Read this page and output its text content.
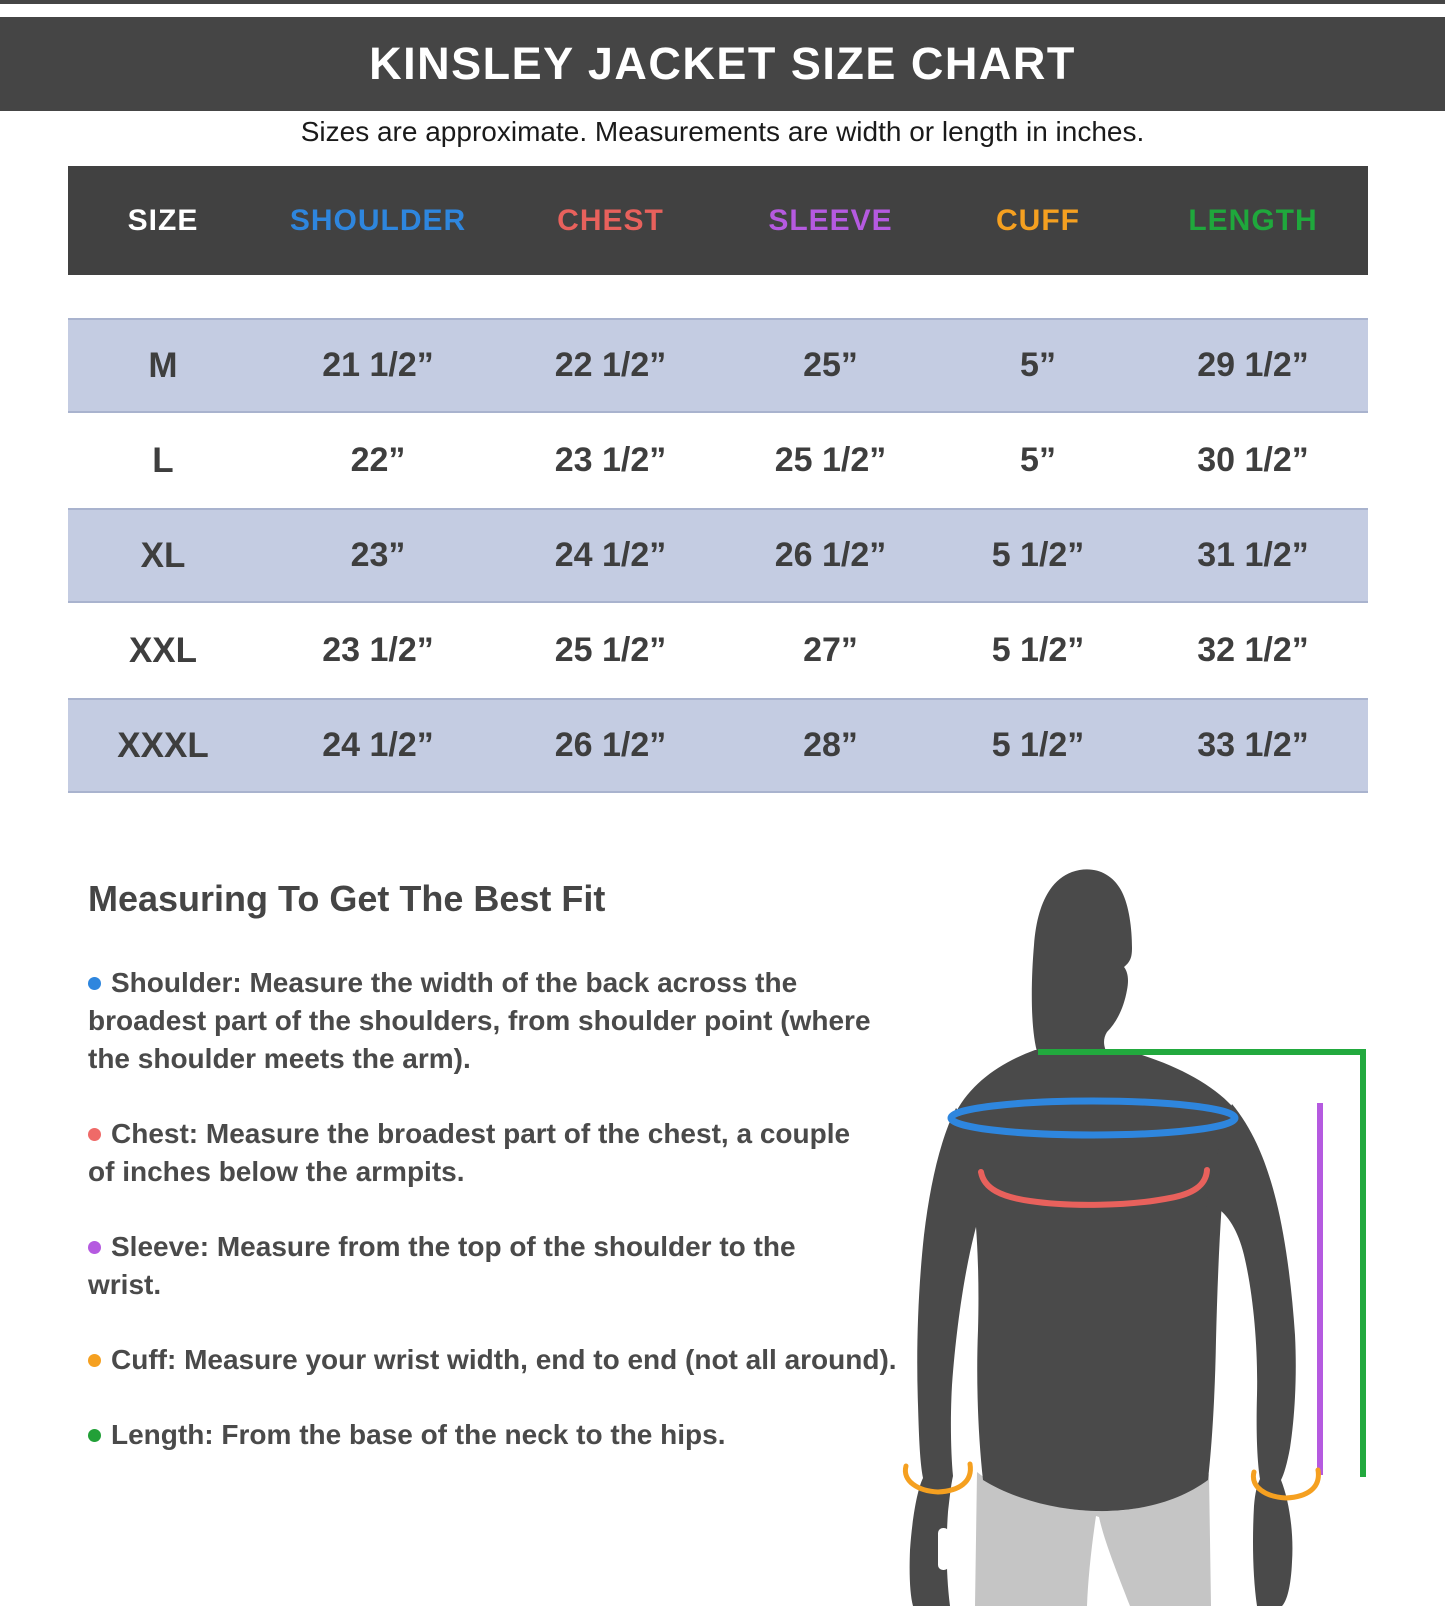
KINSLEY JACKET SIZE CHART
Sizes are approximate. Measurements are width or length in inches.
SIZE	SHOULDER	CHEST	SLEEVE	CUFF	LENGTH
M	21 1/2”	22 1/2”	25”	5”	29 1/2”
L	22”	23 1/2”	25 1/2”	5”	30 1/2”
XL	23”	24 1/2”	26 1/2”	5 1/2”	31 1/2”
XXL	23 1/2”	25 1/2”	27”	5 1/2”	32 1/2”
XXXL	24 1/2”	26 1/2”	28”	5 1/2”	33 1/2”
Measuring To Get The Best Fit

Shoulder: Measure the width of the back across the broadest part of the shoulders, from shoulder point (where the shoulder meets the arm).

Chest: Measure the broadest part of the chest, a couple of inches below the armpits.

Sleeve: Measure from the top of the shoulder to the wrist.

Cuff: Measure your wrist width, end to end (not all around).

Length: From the base of the neck to the hips.
